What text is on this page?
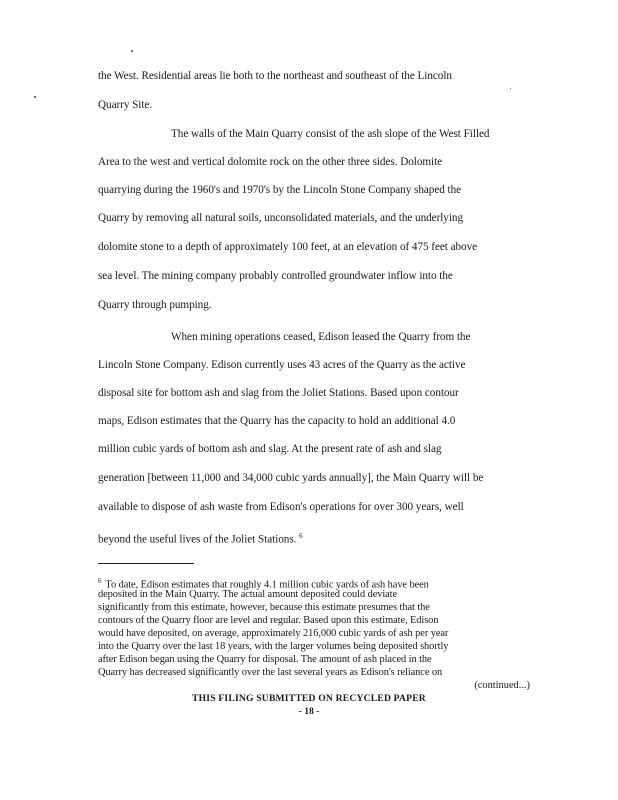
the West. Residential areas lie both to the northeast and southeast of the Lincoln
Quarry Site.
The walls of the Main Quarry consist of the ash slope of the West Filled
Area to the west and vertical dolomite rock on the other three sides. Dolomite
quarrying during the 1960's and 1970's by the Lincoln Stone Company shaped the
Quarry by removing all natural soils, unconsolidated materials, and the underlying
dolomite stone to a depth of approximately 100 feet, at an elevation of 475 feet above
sea level. The mining company probably controlled groundwater inflow into the
Quarry through pumping.
When mining operations ceased, Edison leased the Quarry from the
Lincoln Stone Company. Edison currently uses 43 acres of the Quarry as the active
disposal site for bottom ash and slag from the Joliet Stations. Based upon contour
maps, Edison estimates that the Quarry has the capacity to hold an additional 4.0
million cubic yards of bottom ash and slag. At the present rate of ash and slag
generation [between 11,000 and 34,000 cubic yards annually], the Main Quarry will be
available to dispose of ash waste from Edison's operations for over 300 years, well
beyond the useful lives of the Joliet Stations. $^6$
$^6$ To date, Edison estimates that roughly 4.1 million cubic yards of ash have been
deposited in the Main Quarry. The actual amount deposited could deviate
significantly from this estimate, however, because this estimate presumes that the
contours of the Quarry floor are level and regular. Based upon this estimate, Edison
would have deposited, on average, approximately 216,000 cubic yards of ash per year
into the Quarry over the last 18 years, with the larger volumes being deposited shortly
after Edison began using the Quarry for disposal. The amount of ash placed in the
Quarry has decreased significantly over the last several years as Edison's reliance on
THIS FILING SUBMITTED ON RECYCLED PAPER
- 18 -
(continued...)
